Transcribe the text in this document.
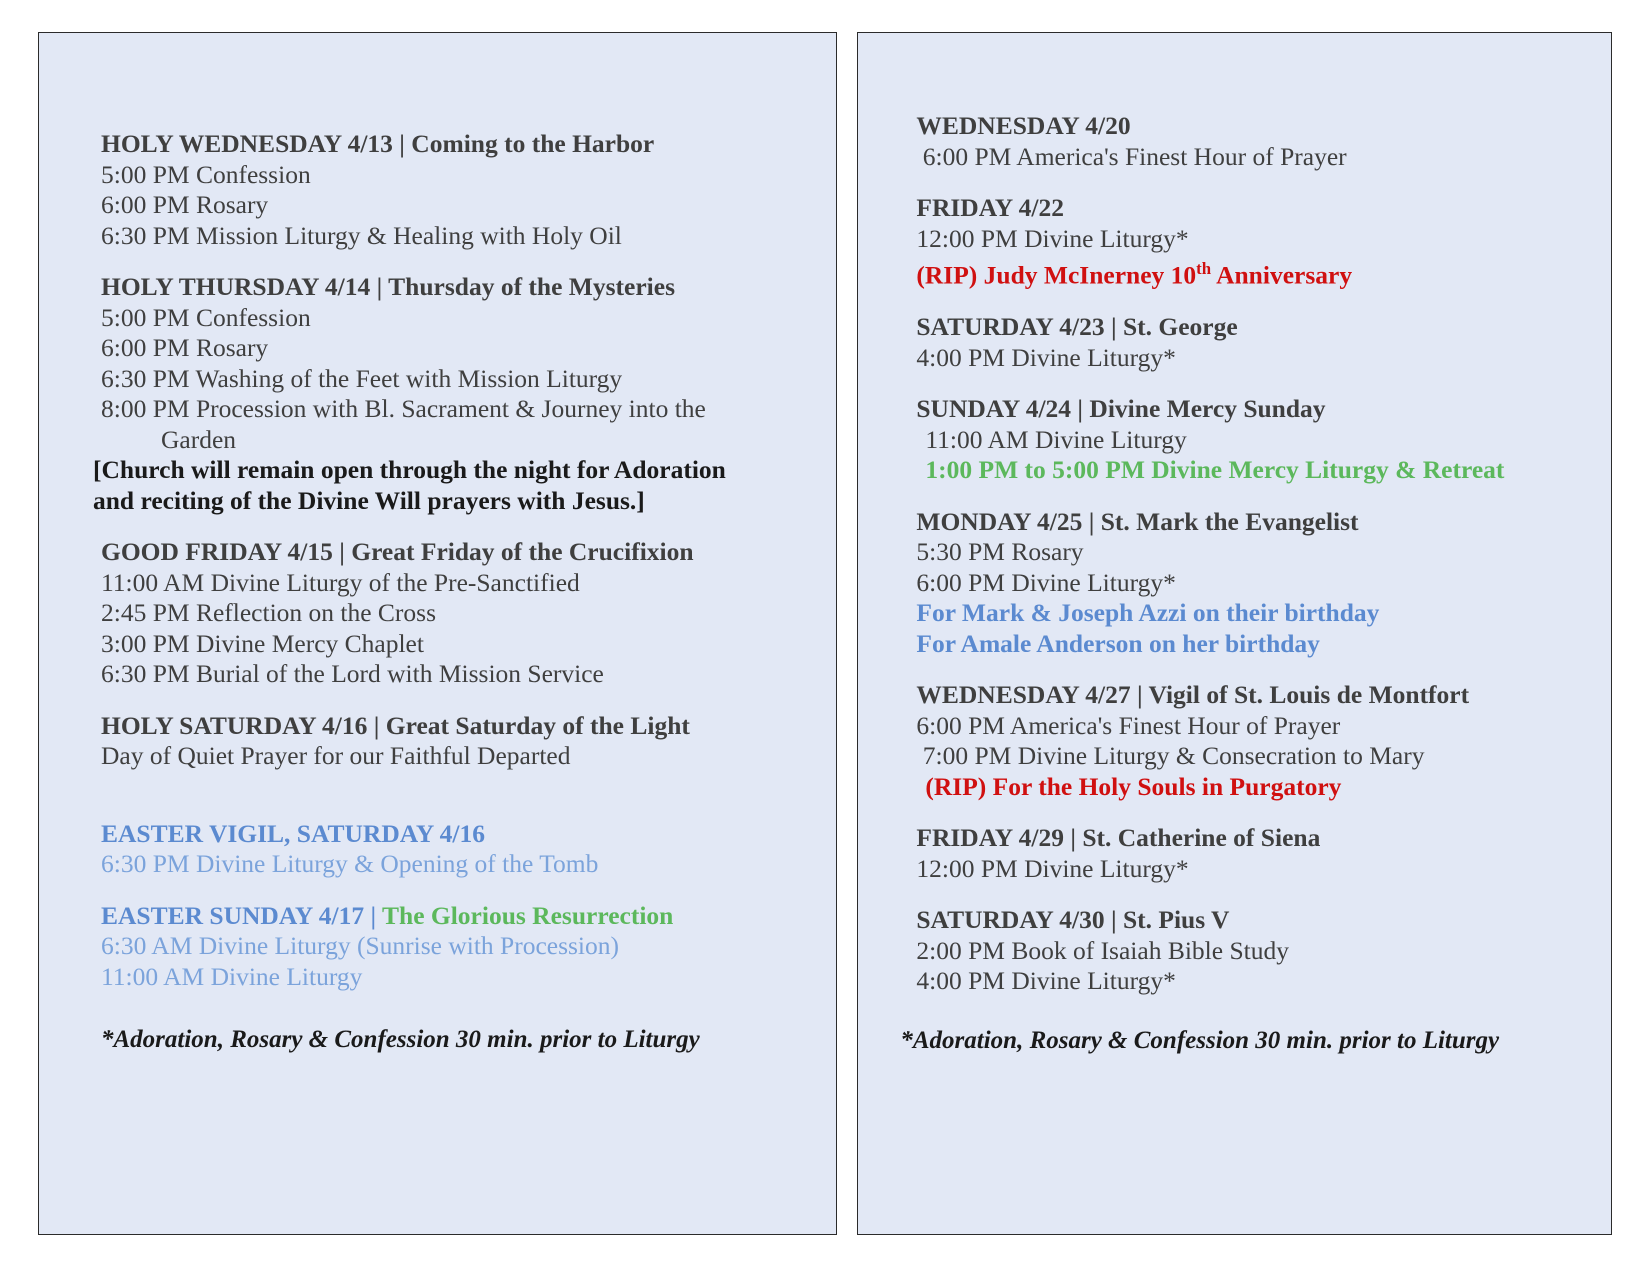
HOLY WEDNESDAY 4/13 | Coming to the Harbor
5:00 PM Confession
6:00 PM Rosary
6:30 PM Mission Liturgy & Healing with Holy Oil
HOLY THURSDAY 4/14 | Thursday of the Mysteries
5:00 PM Confession
6:00 PM Rosary
6:30 PM Washing of the Feet with Mission Liturgy
8:00 PM Procession with Bl. Sacrament & Journey into the
Garden
[Church will remain open through the night for Adoration
and reciting of the Divine Will prayers with Jesus.]
GOOD FRIDAY 4/15 | Great Friday of the Crucifixion
11:00 AM Divine Liturgy of the Pre-Sanctified
2:45 PM Reflection on the Cross
3:00 PM Divine Mercy Chaplet
6:30 PM Burial of the Lord with Mission Service
HOLY SATURDAY 4/16 | Great Saturday of the Light
Day of Quiet Prayer for our Faithful Departed
EASTER VIGIL, SATURDAY 4/16
6:30 PM Divine Liturgy & Opening of the Tomb
EASTER SUNDAY 4/17 | The Glorious Resurrection
6:30 AM Divine Liturgy (Sunrise with Procession)
11:00 AM Divine Liturgy
*Adoration, Rosary & Confession 30 min. prior to Liturgy
WEDNESDAY 4/20
6:00 PM America's Finest Hour of Prayer
FRIDAY 4/22
12:00 PM Divine Liturgy*
(RIP) Judy McInerney 10th Anniversary
SATURDAY 4/23 | St. George
4:00 PM Divine Liturgy*
SUNDAY 4/24 | Divine Mercy Sunday
11:00 AM Divine Liturgy
1:00 PM to 5:00 PM Divine Mercy Liturgy & Retreat
MONDAY 4/25 | St. Mark the Evangelist
5:30 PM Rosary
6:00 PM Divine Liturgy*
For Mark & Joseph Azzi on their birthday
For Amale Anderson on her birthday
WEDNESDAY 4/27 | Vigil of St. Louis de Montfort
6:00 PM America's Finest Hour of Prayer
7:00 PM Divine Liturgy & Consecration to Mary
(RIP) For the Holy Souls in Purgatory
FRIDAY 4/29 | St. Catherine of Siena
12:00 PM Divine Liturgy*
SATURDAY 4/30 | St. Pius V
2:00 PM Book of Isaiah Bible Study
4:00 PM Divine Liturgy*
*Adoration, Rosary & Confession 30 min. prior to Liturgy
